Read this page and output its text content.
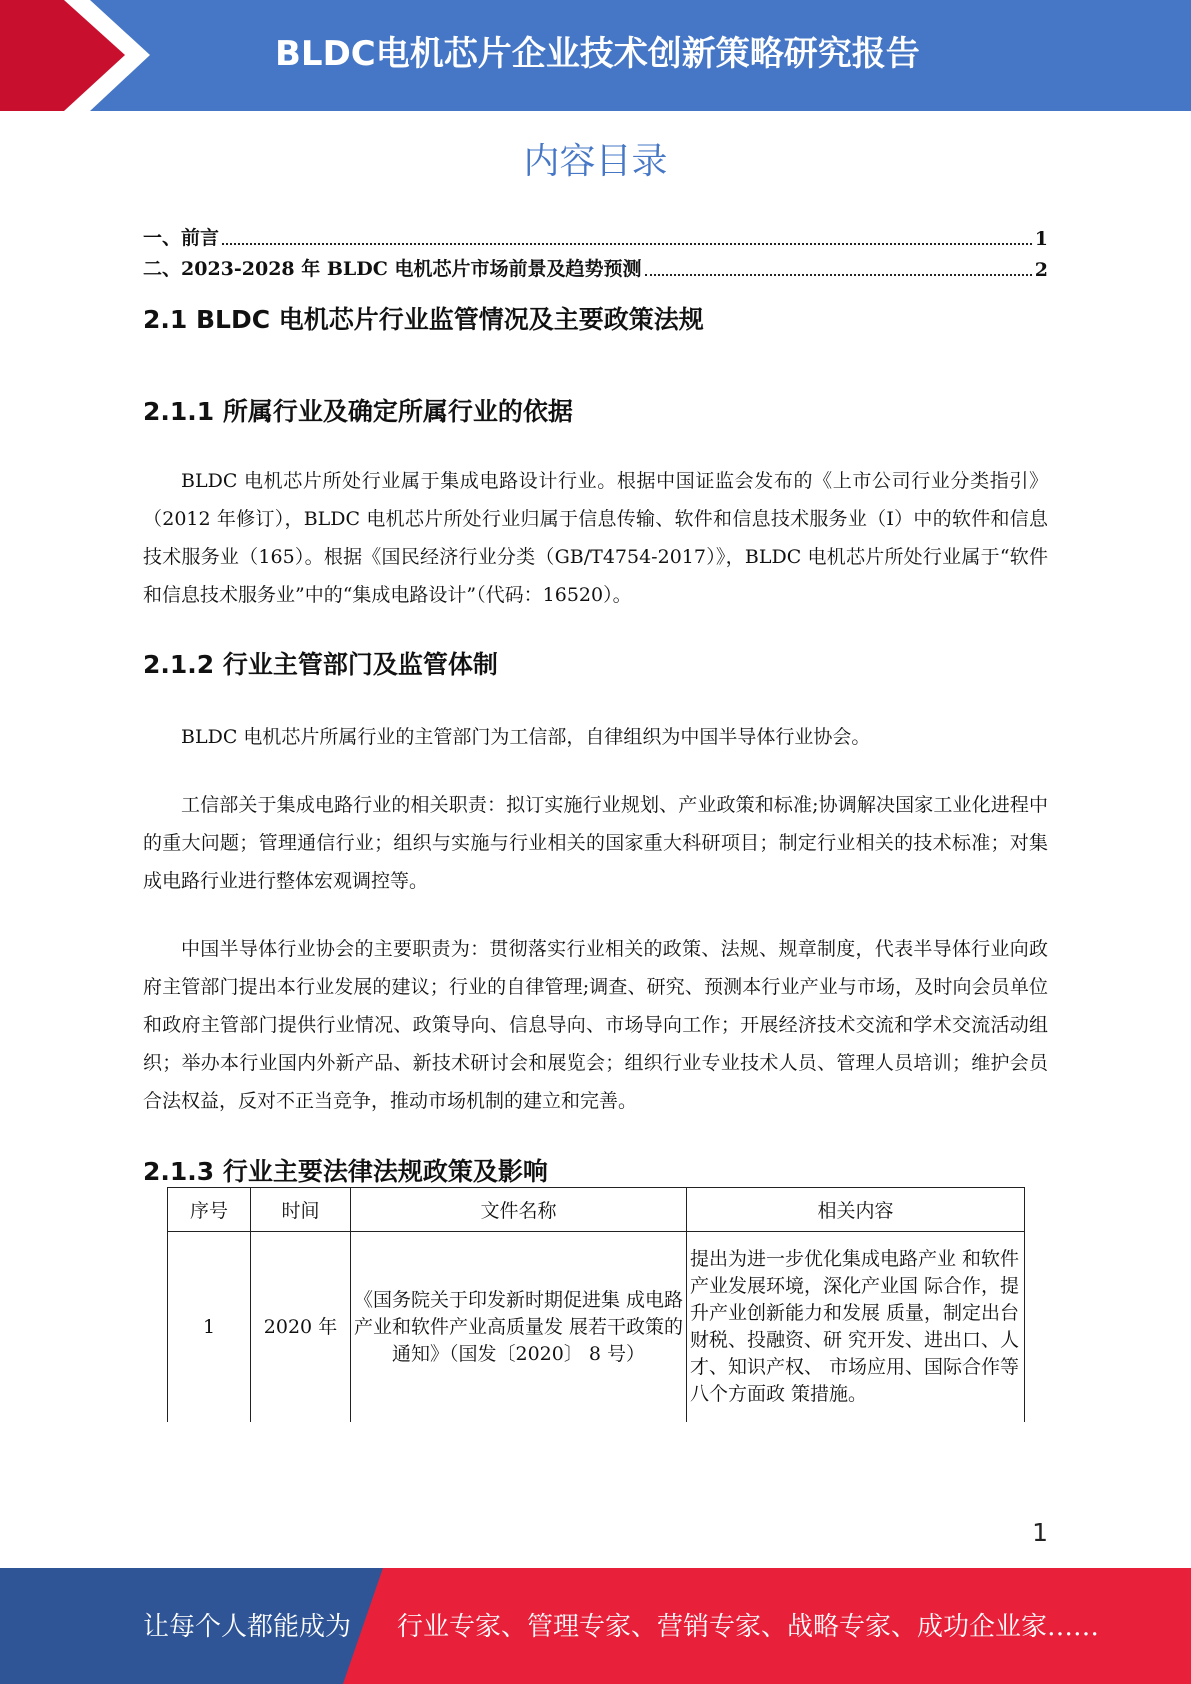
BLDC电机芯片企业技术创新策略研究报告
内容目录
一、前言	1
二、2023-2028 年 BLDC 电机芯片市场前景及趋势预测	2
2.1 BLDC 电机芯片行业监管情况及主要政策法规
2.1.1 所属行业及确定所属行业的依据

BLDC 电机芯片所处行业属于集成电路设计行业。根据中国证监会发布的《上市公司行业分类指引》（2012 年修订），BLDC 电机芯片所处行业归属于信息传输、软件和信息技术服务业（I）中的软件和信息技术服务业（165）。根据《国民经济行业分类（GB/T4754-2017）》，BLDC 电机芯片所处行业属于“软件和信息技术服务业”中的“集成电路设计”（代码：16520）。

2.1.2 行业主管部门及监管体制

BLDC 电机芯片所属行业的主管部门为工信部，自律组织为中国半导体行业协会。

工信部关于集成电路行业的相关职责：拟订实施行业规划、产业政策和标准;协调解决国家工业化进程中的重大问题；管理通信行业；组织与实施与行业相关的国家重大科研项目；制定行业相关的技术标准；对集成电路行业进行整体宏观调控等。

中国半导体行业协会的主要职责为：贯彻落实行业相关的政策、法规、规章制度，代表半导体行业向政府主管部门提出本行业发展的建议；行业的自律管理;调查、研究、预测本行业产业与市场，及时向会员单位和政府主管部门提供行业情况、政策导向、信息导向、市场导向工作；开展经济技术交流和学术交流活动组织；举办本行业国内外新产品、新技术研讨会和展览会；组织行业专业技术人员、管理人员培训；维护会员合法权益，反对不正当竞争，推动市场机制的建立和完善。

2.1.3 行业主要法律法规政策及影响
序号	时间	文件名称	相关内容
1	2020 年	《国务院关于印发新时期促进集 成电路产业和软件产业高质量发 展若干政策的通知》（国发〔2020〕 8 号）	提出为进一步优化集成电路产业 和软件产业发展环境，深化产业国 际合作，提升产业创新能力和发展 质量，制定出台财税、投融资、研 究开发、进出口、人才、知识产权、 市场应用、国际合作等八个方面政 策措施。
1
让每个人都能成为 行业专家、管理专家、营销专家、战略专家、成功企业家……
